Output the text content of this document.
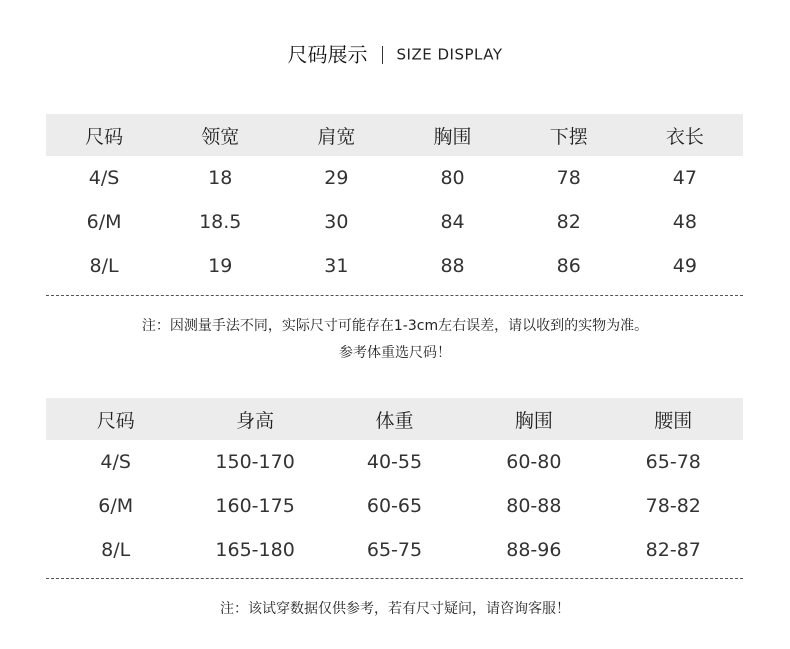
尺码展示 SIZE DISPLAY
尺码	领宽	肩宽	胸围	下摆	衣长
4/S	18	29	80	78	47
6/M	18.5	30	84	82	48
8/L	19	31	88	86	49
注：因测量手法不同，实际尺寸可能存在1-3cm左右误差，请以收到的实物为准。
参考体重选尺码！
尺码	身高	体重	胸围	腰围
4/S	150-170	40-55	60-80	65-78
6/M	160-175	60-65	80-88	78-82
8/L	165-180	65-75	88-96	82-87
注：该试穿数据仅供参考，若有尺寸疑问，请咨询客服！
